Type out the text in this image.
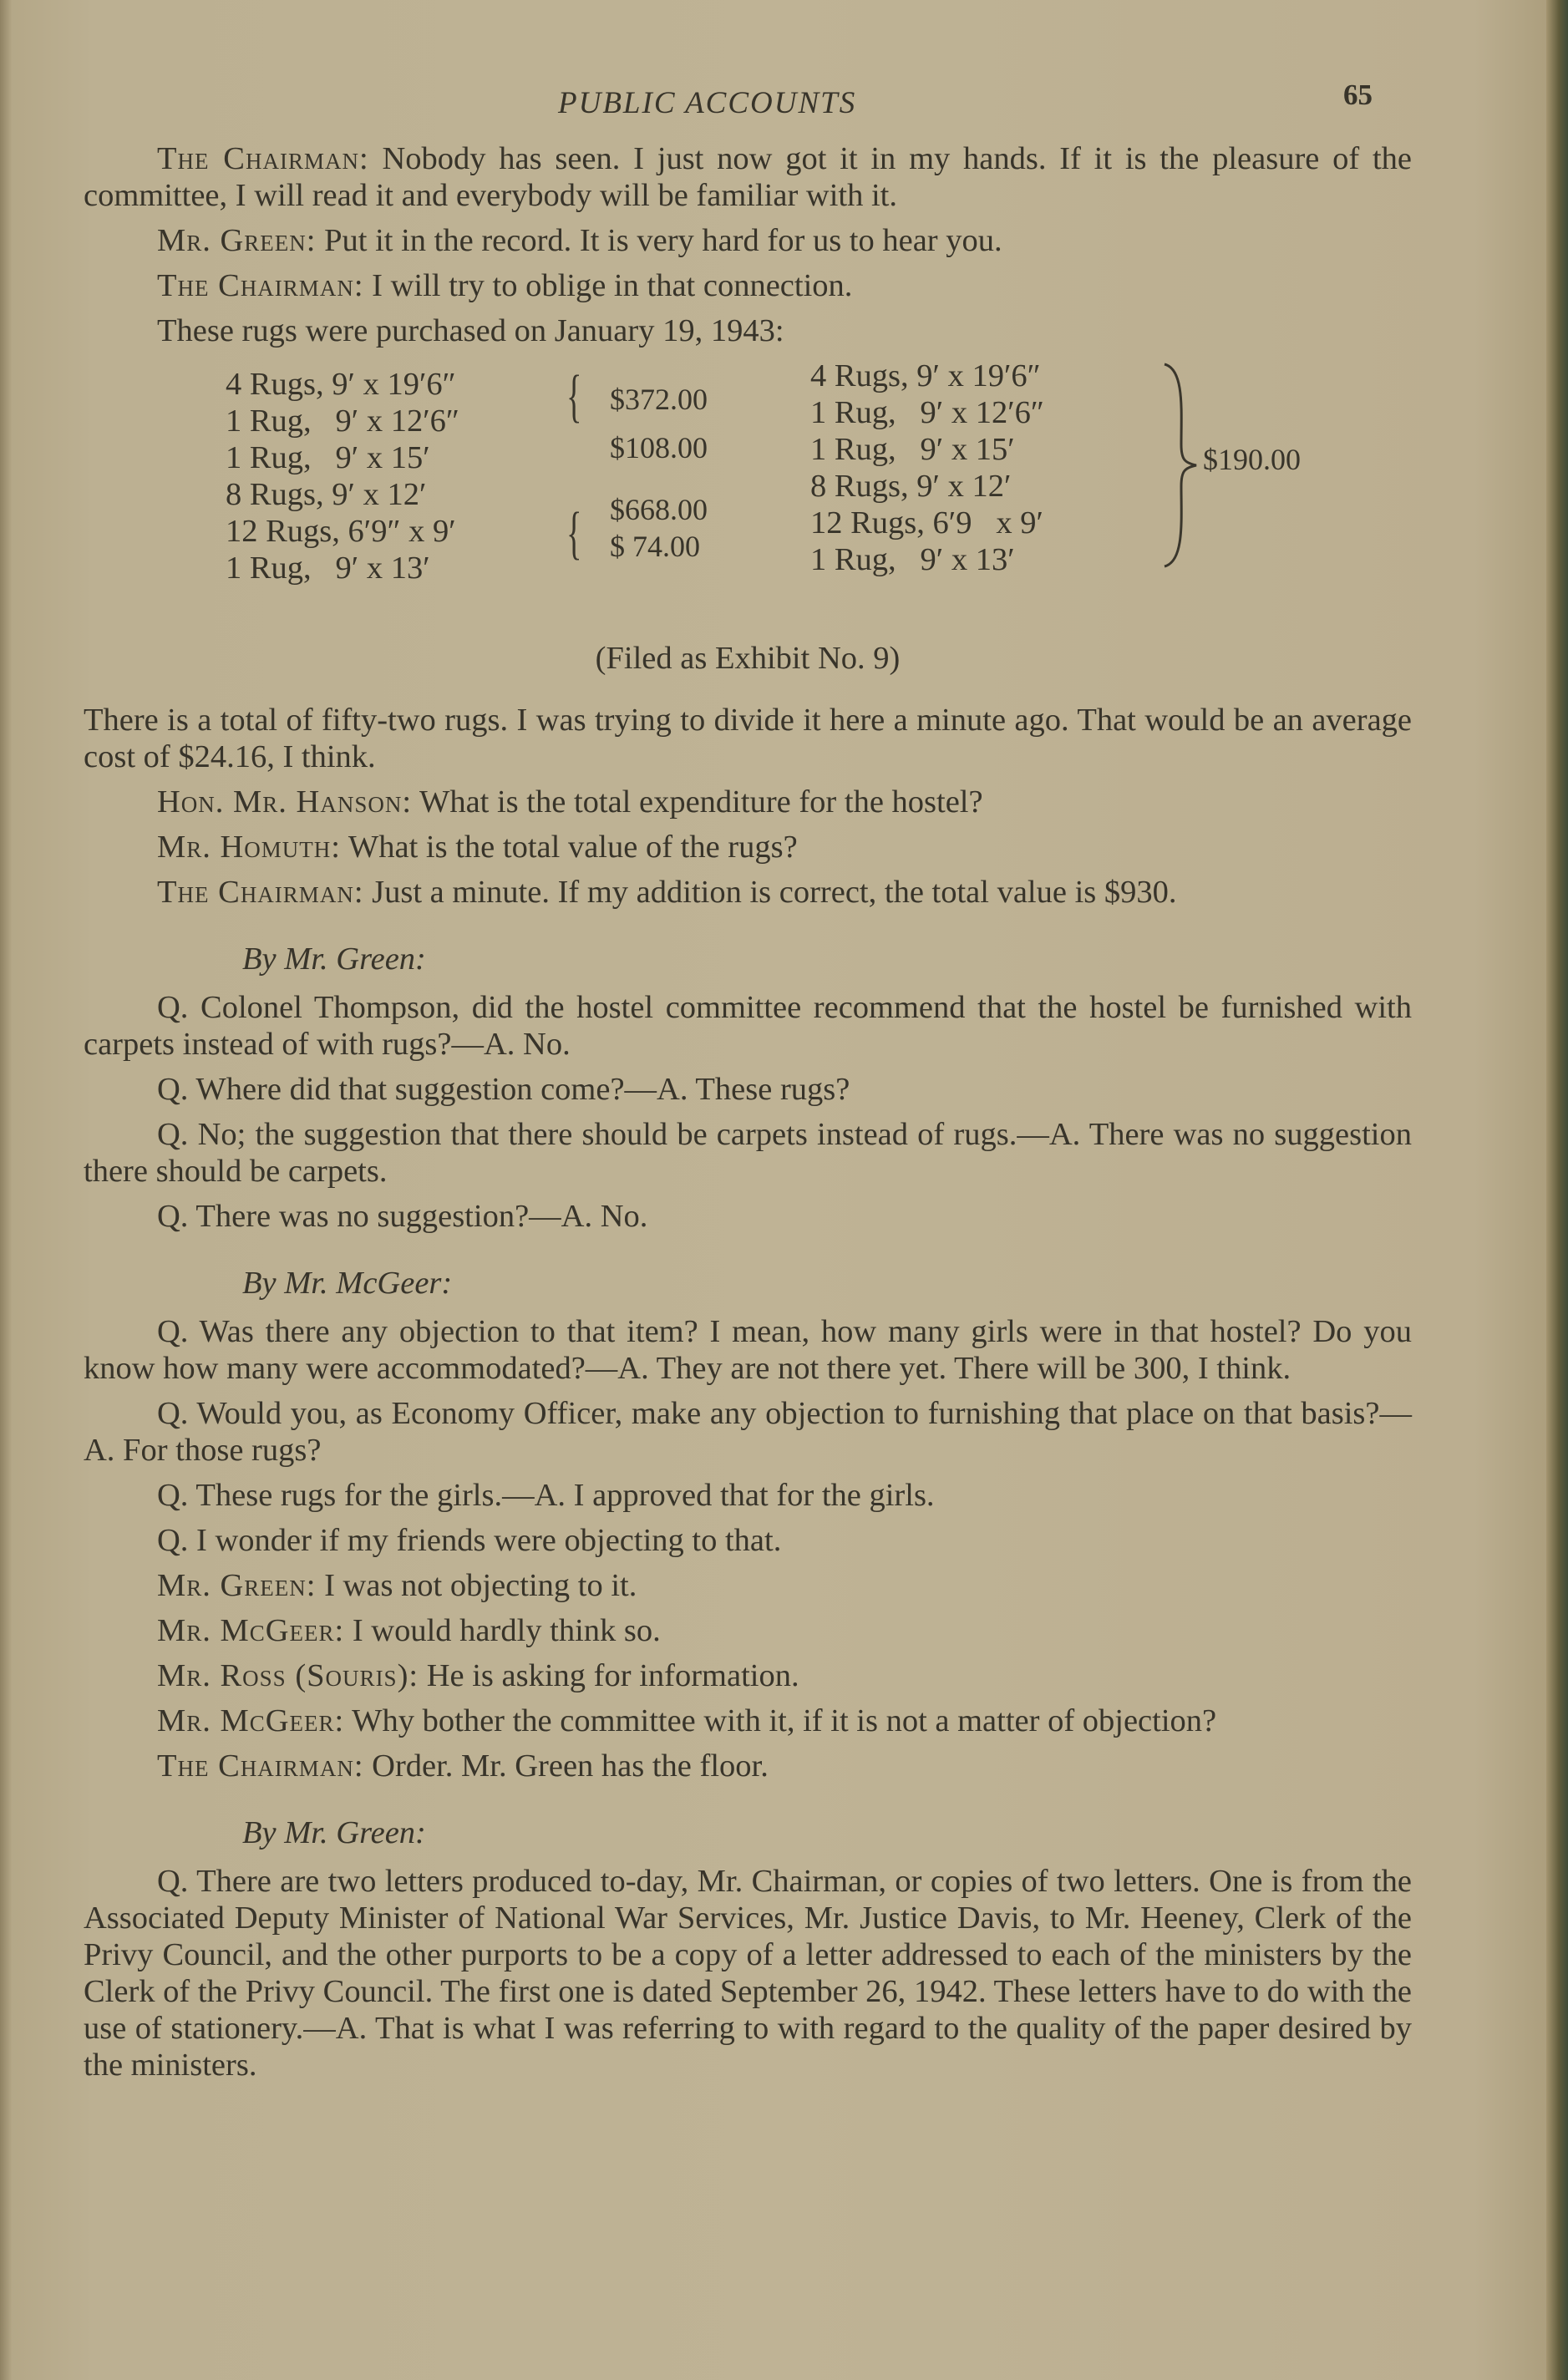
PUBLIC ACCOUNTS	65

The Chairman: Nobody has seen. I just now got it in my hands. If it is the pleasure of the committee, I will read it and everybody will be familiar with it.

Mr. Green: Put it in the record. It is very hard for us to hear you.

The Chairman: I will try to oblige in that connection.

These rugs were purchased on January 19, 1943:

4 Rugs, 9′ x 19′6″
1 Rug,   9′ x 12′6″
1 Rug,   9′ x 15′
8 Rugs, 9′ x 12′
12 Rugs, 6′9″ x 9′
1 Rug,   9′ x 13′
{
{
$372.00
$108.00
$668.00
$ 74.00
4 Rugs, 9′ x 19′6″
1 Rug,   9′ x 12′6″
1 Rug,   9′ x 15′
8 Rugs, 9′ x 12′
12 Rugs, 6′9   x 9′
1 Rug,   9′ x 13′
$190.00

(Filed as Exhibit No. 9)

There is a total of fifty-two rugs. I was trying to divide it here a minute ago. That would be an average cost of $24.16, I think.

Hon. Mr. Hanson: What is the total expenditure for the hostel?

Mr. Homuth: What is the total value of the rugs?

The Chairman: Just a minute. If my addition is correct, the total value is $930.

By Mr. Green:

Q. Colonel Thompson, did the hostel committee recommend that the hostel be furnished with carpets instead of with rugs?—A. No.

Q. Where did that suggestion come?—A. These rugs?

Q. No; the suggestion that there should be carpets instead of rugs.—A. There was no suggestion there should be carpets.

Q. There was no suggestion?—A. No.

By Mr. McGeer:

Q. Was there any objection to that item? I mean, how many girls were in that hostel? Do you know how many were accommodated?—A. They are not there yet. There will be 300, I think.

Q. Would you, as Economy Officer, make any objection to furnishing that place on that basis?—A. For those rugs?

Q. These rugs for the girls.—A. I approved that for the girls.

Q. I wonder if my friends were objecting to that.

Mr. Green: I was not objecting to it.

Mr. McGeer: I would hardly think so.

Mr. Ross (Souris): He is asking for information.

Mr. McGeer: Why bother the committee with it, if it is not a matter of objection?

The Chairman: Order. Mr. Green has the floor.

By Mr. Green:

Q. There are two letters produced to-day, Mr. Chairman, or copies of two letters. One is from the Associated Deputy Minister of National War Services, Mr. Justice Davis, to Mr. Heeney, Clerk of the Privy Council, and the other purports to be a copy of a letter addressed to each of the ministers by the Clerk of the Privy Council. The first one is dated September 26, 1942. These letters have to do with the use of stationery.—A. That is what I was referring to with regard to the quality of the paper desired by the ministers.
